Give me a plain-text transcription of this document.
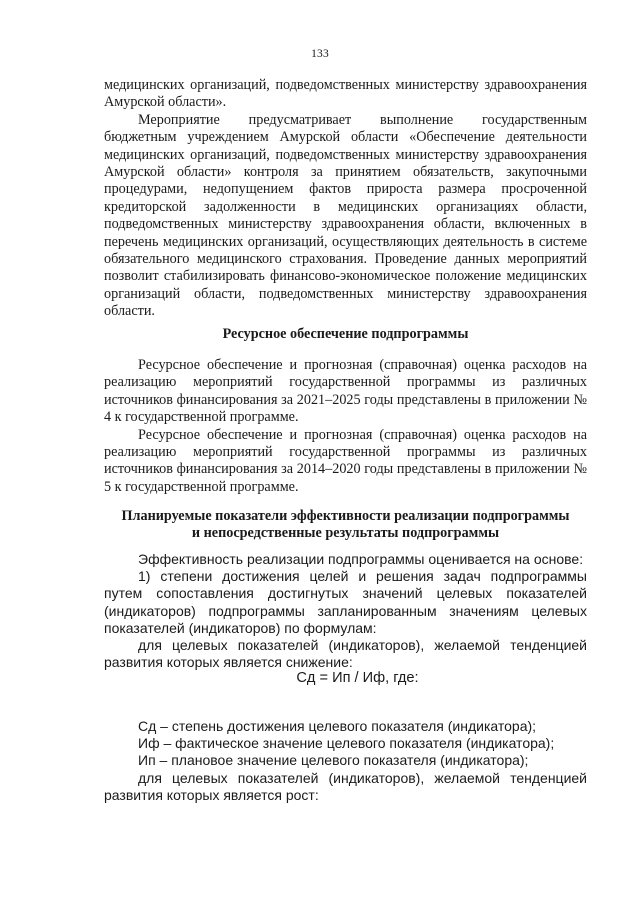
133

медицинских организаций, подведомственных министерству здравоохранения Амурской области».

Мероприятие предусматривает выполнение государственным бюджетным учреждением Амурской области «Обеспечение деятельности медицинских организаций, подведомственных министерству здравоохранения Амурской области» контроля за принятием обязательств, закупочными процедурами, недопущением фактов прироста размера просроченной кредиторской задолженности в медицинских организациях области, подведомственных министерству здравоохранения области, включенных в перечень медицинских организаций, осуществляющих деятельность в системе обязательного медицинского страхования. Проведение данных мероприятий позволит стабилизировать финансово-экономическое положение медицинских организаций области, подведомственных министерству здравоохранения области.

Ресурсное обеспечение подпрограммы

Ресурсное обеспечение и прогнозная (справочная) оценка расходов на реализацию мероприятий государственной программы из различных источников финансирования за 2021–2025 годы представлены в приложении № 4 к государственной программе.

Ресурсное обеспечение и прогнозная (справочная) оценка расходов на реализацию мероприятий государственной программы из различных источников финансирования за 2014–2020 годы представлены в приложении № 5 к государственной программе.

Планируемые показатели эффективности реализации подпрограммы

и непосредственные результаты подпрограммы

Эффективность реализации подпрограммы оценивается на основе:

1) степени достижения целей и решения задач подпрограммы путем сопоставления достигнутых значений целевых показателей (индикаторов) подпрограммы запланированным значениям целевых показателей (индикаторов) по формулам:

для целевых показателей (индикаторов), желаемой тенденцией развития которых является снижение:

Сд = Ип / Иф, где:

Сд – степень достижения целевого показателя (индикатора);

Иф – фактическое значение целевого показателя (индикатора);

Ип – плановое значение целевого показателя (индикатора);

для целевых показателей (индикаторов), желаемой тенденцией развития которых является рост:
